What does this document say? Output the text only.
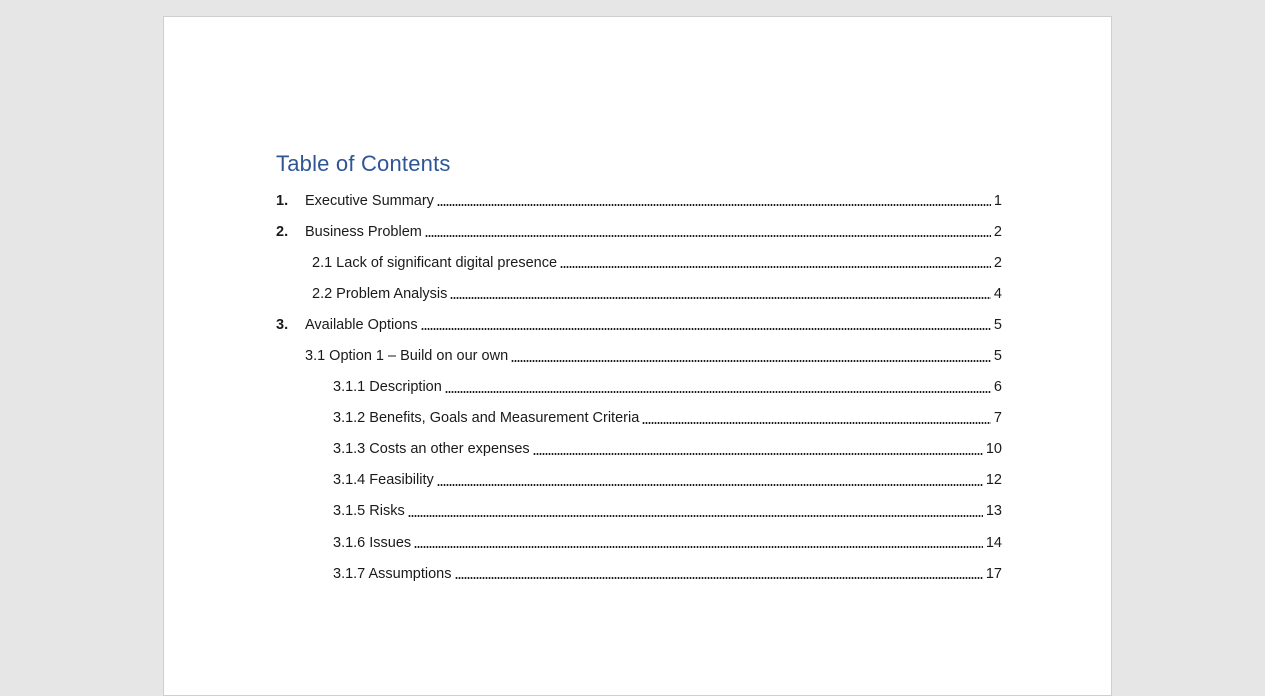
Table of Contents
1.	Executive Summary	1
2.	Business Problem	2
2.1 Lack of significant digital presence	2
2.2 Problem Analysis	4
3.	Available Options	5
3.1 Option 1 – Build on our own	5
3.1.1 Description	6
3.1.2 Benefits, Goals and Measurement Criteria	7
3.1.3 Costs an other expenses	10
3.1.4 Feasibility	12
3.1.5 Risks	13
3.1.6 Issues	14
3.1.7 Assumptions	17
